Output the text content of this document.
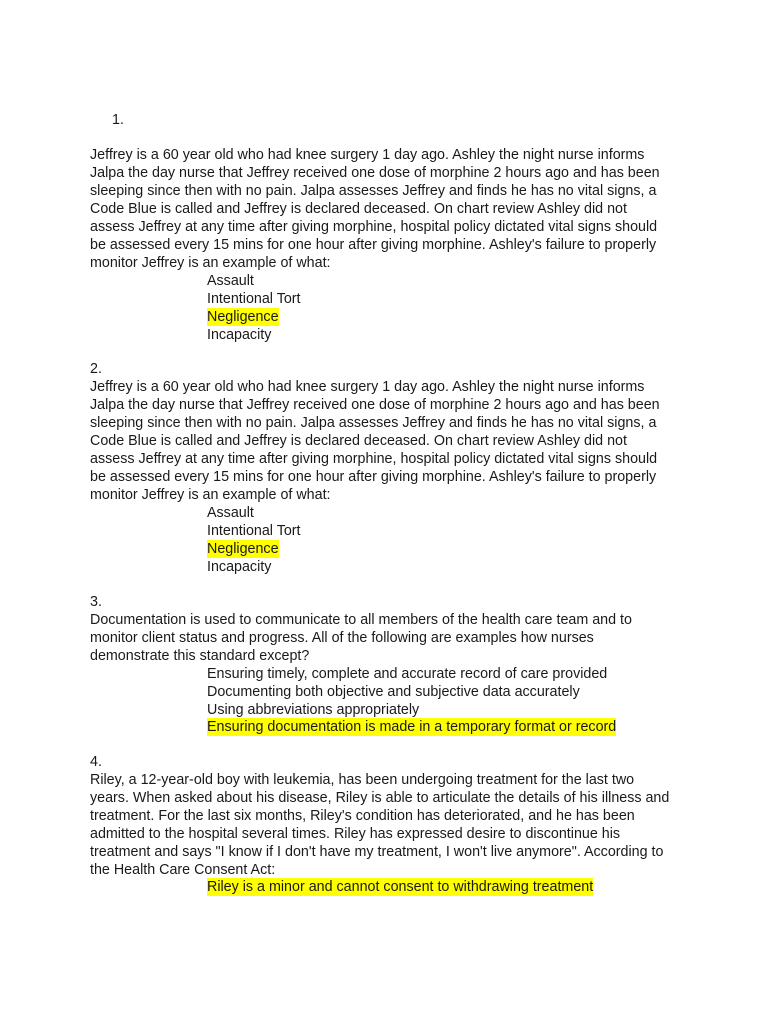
1.
Jeffrey is a 60 year old who had knee surgery 1 day ago. Ashley the night nurse informs
Jalpa the day nurse that Jeffrey received one dose of morphine 2 hours ago and has been
sleeping since then with no pain. Jalpa assesses Jeffrey and finds he has no vital signs, a
Code Blue is called and Jeffrey is declared deceased. On chart review Ashley did not
assess Jeffrey at any time after giving morphine, hospital policy dictated vital signs should
be assessed every 15 mins for one hour after giving morphine. Ashley's failure to properly
monitor Jeffrey is an example of what:
Assault
Intentional Tort
Negligence
Incapacity
2.
Jeffrey is a 60 year old who had knee surgery 1 day ago. Ashley the night nurse informs
Jalpa the day nurse that Jeffrey received one dose of morphine 2 hours ago and has been
sleeping since then with no pain. Jalpa assesses Jeffrey and finds he has no vital signs, a
Code Blue is called and Jeffrey is declared deceased. On chart review Ashley did not
assess Jeffrey at any time after giving morphine, hospital policy dictated vital signs should
be assessed every 15 mins for one hour after giving morphine. Ashley's failure to properly
monitor Jeffrey is an example of what:
Assault
Intentional Tort
Negligence
Incapacity
3.
Documentation is used to communicate to all members of the health care team and to
monitor client status and progress. All of the following are examples how nurses
demonstrate this standard except?
Ensuring timely, complete and accurate record of care provided
Documenting both objective and subjective data accurately
Using abbreviations appropriately
Ensuring documentation is made in a temporary format or record
4.
Riley, a 12-year-old boy with leukemia, has been undergoing treatment for the last two
years. When asked about his disease, Riley is able to articulate the details of his illness and
treatment. For the last six months, Riley's condition has deteriorated, and he has been
admitted to the hospital several times. Riley has expressed desire to discontinue his
treatment and says "I know if I don't have my treatment, I won't live anymore". According to
the Health Care Consent Act:
Riley is a minor and cannot consent to withdrawing treatment
